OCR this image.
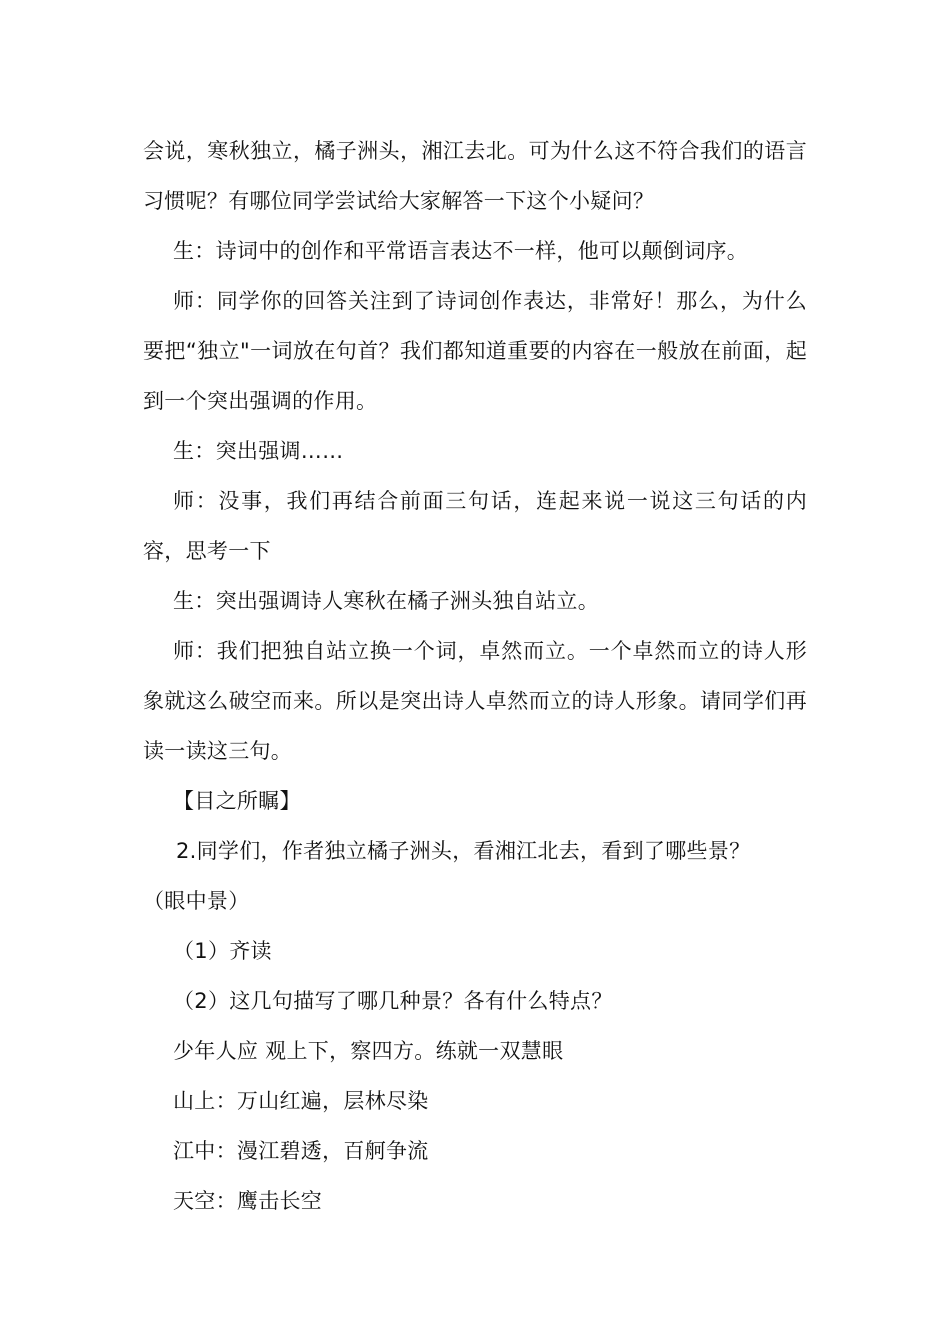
会说，寒秋独立，橘子洲头，湘江去北。可为什么这不符合我们的语言习惯呢？有哪位同学尝试给大家解答一下这个小疑问？

生：诗词中的创作和平常语言表达不一样，他可以颠倒词序。

师：同学你的回答关注到了诗词创作表达，非常好！那么，为什么要把“独立"一词放在句首？我们都知道重要的内容在一般放在前面，起到一个突出强调的作用。

生：突出强调……

师：没事，我们再结合前面三句话，连起来说一说这三句话的内容，思考一下

生：突出强调诗人寒秋在橘子洲头独自站立。

师：我们把独自站立换一个词，卓然而立。一个卓然而立的诗人形象就这么破空而来。所以是突出诗人卓然而立的诗人形象。请同学们再读一读这三句。

【目之所瞩】

2.同学们，作者独立橘子洲头，看湘江北去，看到了哪些景？

（眼中景）

（1）齐读

（2）这几句描写了哪几种景？各有什么特点？

少年人应 观上下，察四方。练就一双慧眼

山上：万山红遍，层林尽染

江中：漫江碧透，百舸争流

天空：鹰击长空
